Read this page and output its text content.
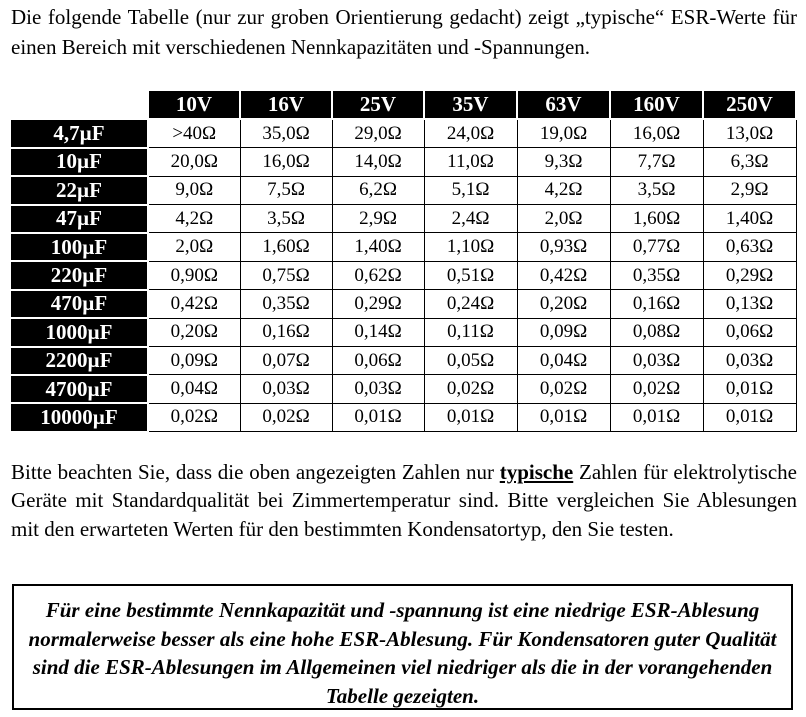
Die folgende Tabelle (nur zur groben Orientierung gedacht) zeigt „typische“ ESR-Werte für einen Bereich mit verschiedenen Nennkapazitäten und -Spannungen.

	10V	16V	25V	35V	63V	160V	250V
4,7µF	>40Ω	35,0Ω	29,0Ω	24,0Ω	19,0Ω	16,0Ω	13,0Ω
10µF	20,0Ω	16,0Ω	14,0Ω	11,0Ω	9,3Ω	7,7Ω	6,3Ω
22µF	9,0Ω	7,5Ω	6,2Ω	5,1Ω	4,2Ω	3,5Ω	2,9Ω
47µF	4,2Ω	3,5Ω	2,9Ω	2,4Ω	2,0Ω	1,60Ω	1,40Ω
100µF	2,0Ω	1,60Ω	1,40Ω	1,10Ω	0,93Ω	0,77Ω	0,63Ω
220µF	0,90Ω	0,75Ω	0,62Ω	0,51Ω	0,42Ω	0,35Ω	0,29Ω
470µF	0,42Ω	0,35Ω	0,29Ω	0,24Ω	0,20Ω	0,16Ω	0,13Ω
1000µF	0,20Ω	0,16Ω	0,14Ω	0,11Ω	0,09Ω	0,08Ω	0,06Ω
2200µF	0,09Ω	0,07Ω	0,06Ω	0,05Ω	0,04Ω	0,03Ω	0,03Ω
4700µF	0,04Ω	0,03Ω	0,03Ω	0,02Ω	0,02Ω	0,02Ω	0,01Ω
10000µF	0,02Ω	0,02Ω	0,01Ω	0,01Ω	0,01Ω	0,01Ω	0,01Ω

Bitte beachten Sie, dass die oben angezeigten Zahlen nur typische Zahlen für elektrolytische Geräte mit Standardqualität bei Zimmertemperatur sind. Bitte vergleichen Sie Ablesungen mit den erwarteten Werten für den bestimmten Kondensatortyp, den Sie testen.

Für eine bestimmte Nennkapazität und -spannung ist eine niedrige ESR-Ablesung normalerweise besser als eine hohe ESR-Ablesung. Für Kondensatoren guter Qualität sind die ESR-Ablesungen im Allgemeinen viel niedriger als die in der vorangehenden Tabelle gezeigten.
